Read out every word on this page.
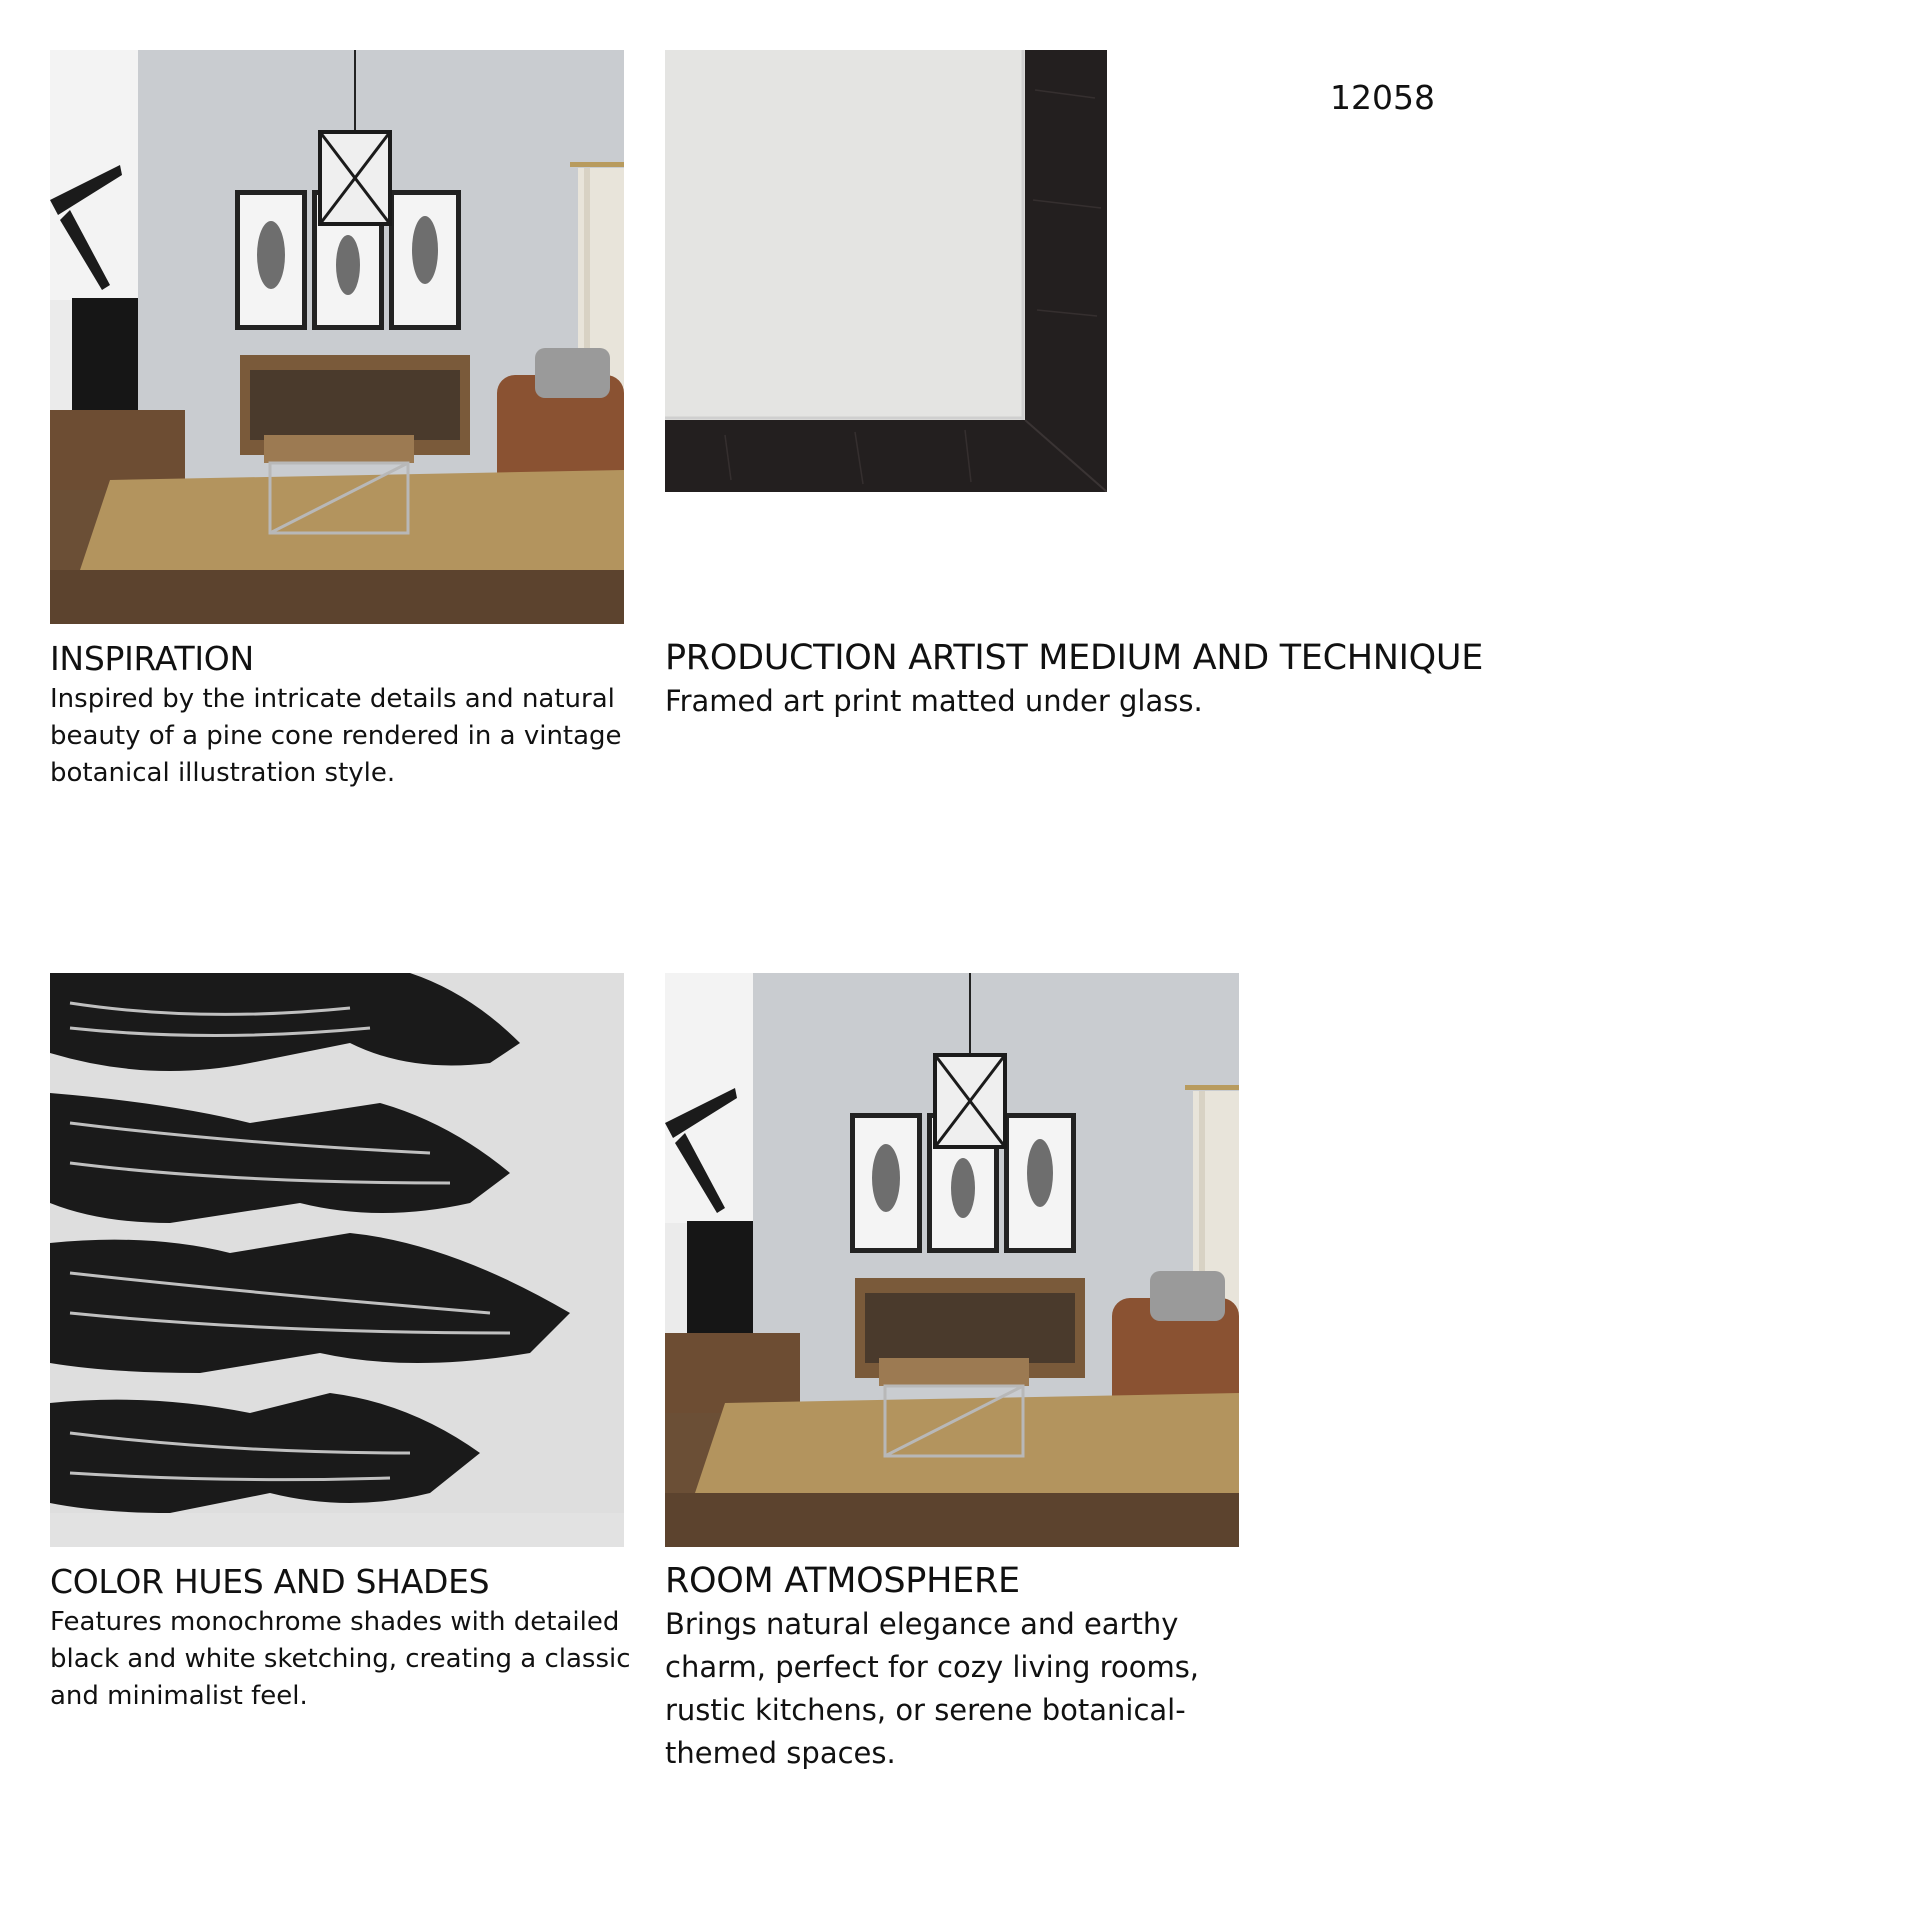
12058
INSPIRATION
Inspired by the intricate details and natural beauty of a pine cone rendered in a vintage botanical illustration style.
PRODUCTION ARTIST MEDIUM AND TECHNIQUE
Framed art print matted under glass.
COLOR HUES AND SHADES
Features monochrome shades with detailed black and white sketching, creating a classic and minimalist feel.
ROOM ATMOSPHERE
Brings natural elegance and earthy charm, perfect for cozy living rooms, rustic kitchens, or serene botanical-themed spaces.
